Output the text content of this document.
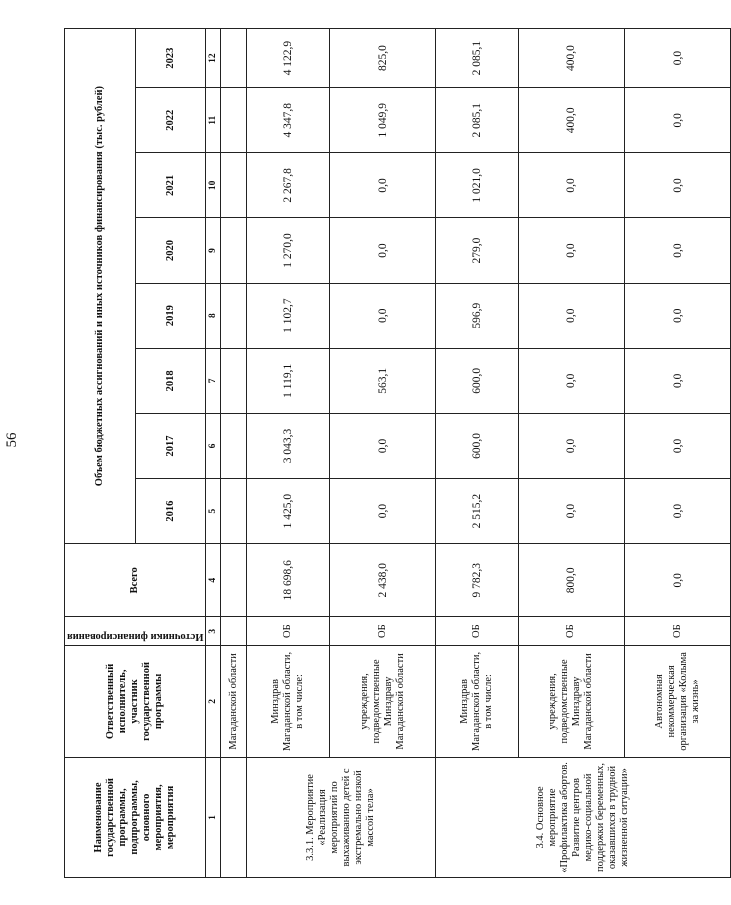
56
Наименование государственной программы, подпрограммы, основного мероприятия, мероприятия	Ответственный исполнитель, участник государственной программы	Источники финансирования	Всего	Объем бюджетных ассигнований и иных источников финансирования (тыс. рублей)							
				2016	2017	2018	2019	2020	2021	2022	2023
1	2	3	4	5	6	7	8	9	10	11	12
	Магаданской области										
3.3.1. Мероприятие «Реализация мероприятий по выхаживанию детей с экстремально низкой массой тела»	Минздрав Магаданской области, в том числе:	ОБ	18 698,6	1 425,0	3 043,3	1 119,1	1 102,7	1 270,0	2 267,8	4 347,8	4 122,9
	учреждения, подведомственные Минздраву Магаданской области	ОБ	2 438,0	0,0	0,0	563,1	0,0	0,0	0,0	1 049,9	825,0
3.4. Основное мероприятие «Профилактика абортов. Развитие центров медико-социальной поддержки беременных, оказавшихся в трудной жизненной ситуации»	Минздрав Магаданской области, в том числе:	ОБ	9 782,3	2 515,2	600,0	600,0	596,9	279,0	1 021,0	2 085,1	2 085,1
	учреждения, подведомственные Минздраву Магаданской области	ОБ	800,0	0,0	0,0	0,0	0,0	0,0	0,0	400,0	400,0
	Автономная некоммерческая организация «Колыма за жизнь»	ОБ	0,0	0,0	0,0	0,0	0,0	0,0	0,0	0,0	0,0
